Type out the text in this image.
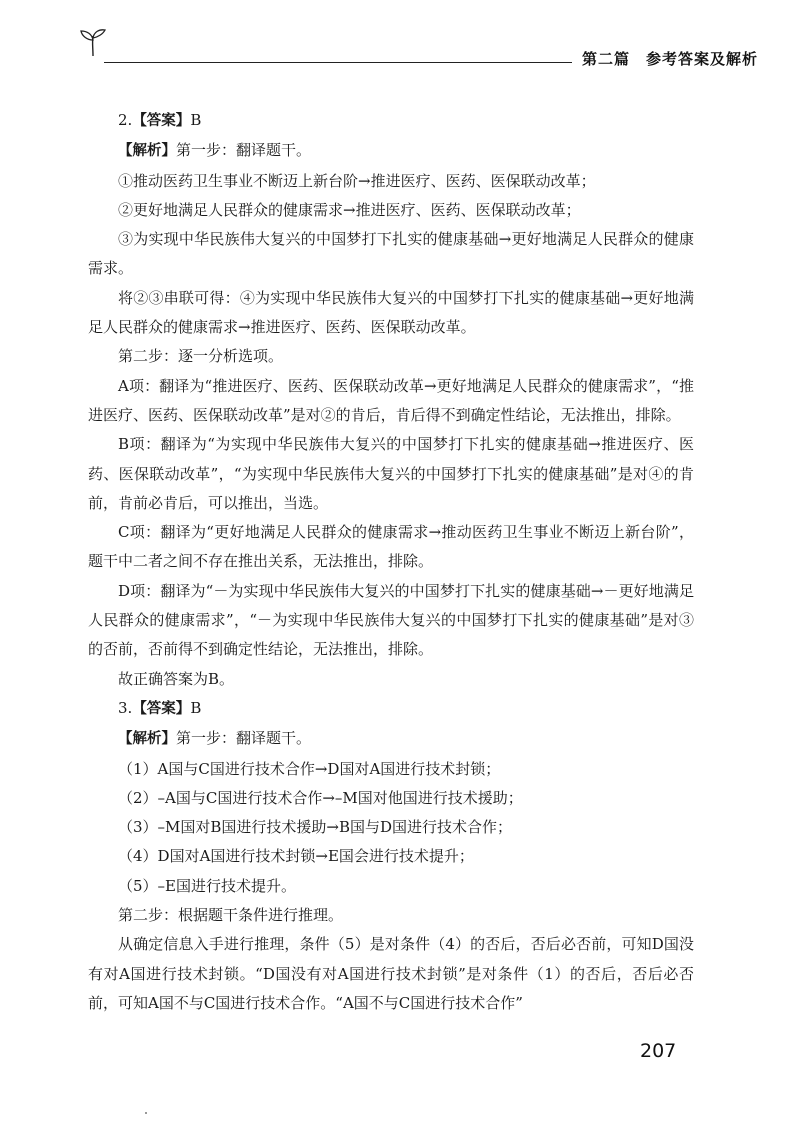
第二篇　参考答案及解析

2.【答案】B

【解析】第一步：翻译题干。

①推动医药卫生事业不断迈上新台阶→推进医疗、医药、医保联动改革；

②更好地满足人民群众的健康需求→推进医疗、医药、医保联动改革；

③为实现中华民族伟大复兴的中国梦打下扎实的健康基础→更好地满足人民群众的健康需求。

将②③串联可得：④为实现中华民族伟大复兴的中国梦打下扎实的健康基础→更好地满足人民群众的健康需求→推进医疗、医药、医保联动改革。

第二步：逐一分析选项。

A项：翻译为“推进医疗、医药、医保联动改革→更好地满足人民群众的健康需求”，“推进医疗、医药、医保联动改革”是对②的肯后，肯后得不到确定性结论，无法推出，排除。

B项：翻译为“为实现中华民族伟大复兴的中国梦打下扎实的健康基础→推进医疗、医药、医保联动改革”，“为实现中华民族伟大复兴的中国梦打下扎实的健康基础”是对④的肯前，肯前必肯后，可以推出，当选。

C项：翻译为“更好地满足人民群众的健康需求→推动医药卫生事业不断迈上新台阶”，题干中二者之间不存在推出关系，无法推出，排除。

D项：翻译为“－为实现中华民族伟大复兴的中国梦打下扎实的健康基础→－更好地满足人民群众的健康需求”，“－为实现中华民族伟大复兴的中国梦打下扎实的健康基础”是对③的否前，否前得不到确定性结论，无法推出，排除。

故正确答案为B。

3.【答案】B

【解析】第一步：翻译题干。

（1）A国与C国进行技术合作→D国对A国进行技术封锁；

（2）–A国与C国进行技术合作→–M国对他国进行技术援助；

（3）–M国对B国进行技术援助→B国与D国进行技术合作；

（4）D国对A国进行技术封锁→E国会进行技术提升；

（5）–E国进行技术提升。

第二步：根据题干条件进行推理。

从确定信息入手进行推理，条件（5）是对条件（4）的否后，否后必否前，可知D国没有对A国进行技术封锁。“D国没有对A国进行技术封锁”是对条件（1）的否后，否后必否前，可知A国不与C国进行技术合作。“A国不与C国进行技术合作”

207
